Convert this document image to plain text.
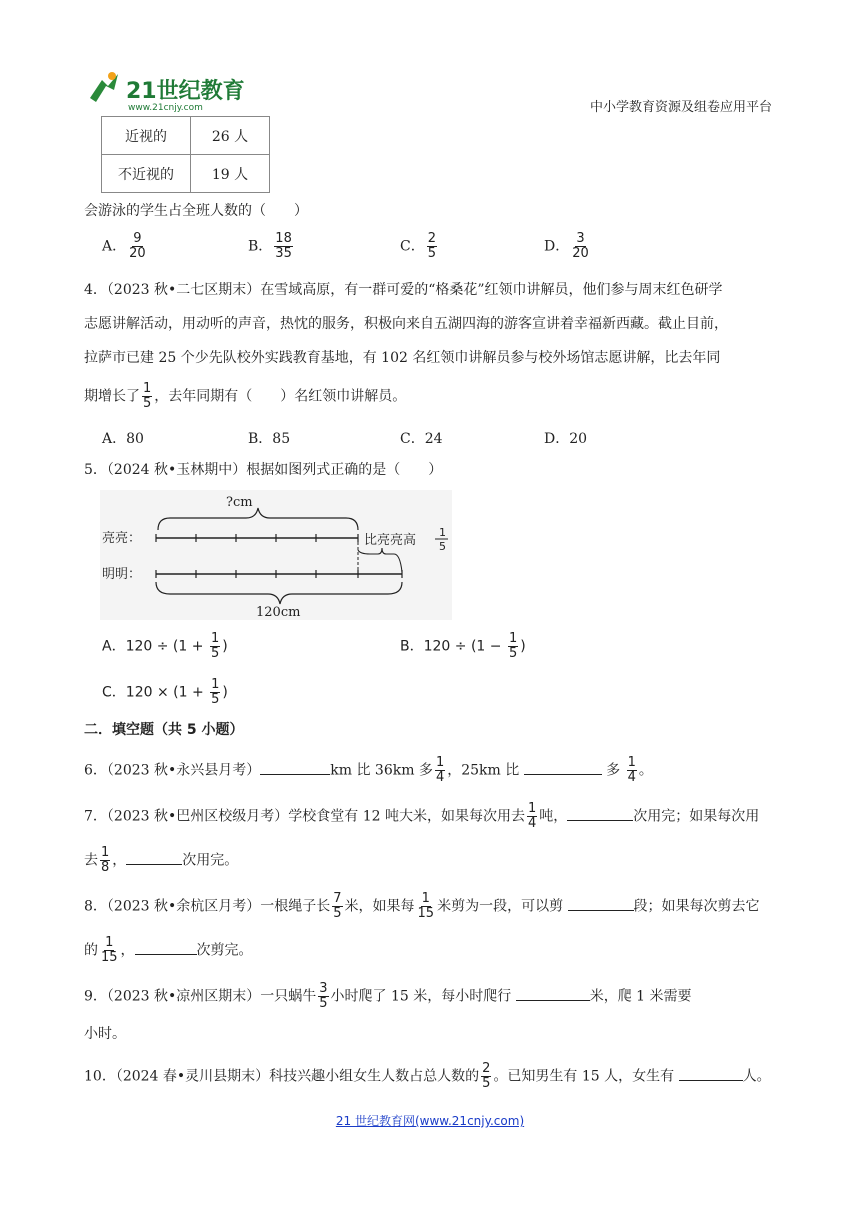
21世纪教育
www.21cnjy.com	中小学教育资源及组卷应用平台
近视的	26 人
不近视的	19 人
会游泳的学生占全班人数的（　　）
A． $\frac{9}{20}$	B． $\frac{18}{35}$	C． $\frac{2}{5}$	D． $\frac{3}{20}$
4．（2023 秋•二七区期末）在雪域高原，有一群可爱的“格桑花”红领巾讲解员，他们参与周末红色研学
志愿讲解活动，用动听的声音，热忱的服务，积极向来自五湖四海的游客宣讲着幸福新西藏。截止目前，
拉萨市已建 25 个少先队校外实践教育基地，有 102 名红领巾讲解员参与校外场馆志愿讲解，比去年同
期增长了 $\frac{1}{5}$ ，去年同期有（　　）名红领巾讲解员。
A．80	B．85	C．24	D．20
5．（2024 秋•玉林期中）根据如图列式正确的是（　　）
?cm
亮亮：	比亮亮高
1
5
明明：
120cm
A．$120 \div (1 + \frac{1}{5}$ )	B．$120 \div (1 - \frac{1}{5}$ )
C．$120 \times (1 + \frac{1}{5}$ )
二．填空题（共 5 小题）
6．（2023 秋•永兴县月考）	km 比 36km 多 $\frac{1}{4}$ ，25km 比	多 $\frac{1}{4}$ 。
7．（2023 秋•巴州区校级月考）学校食堂有 12 吨大米，如果每次用去 $\frac{1}{4}$ 吨，	次用完；如果每次用
去 $\frac{1}{8}$ ，	次用完。
8．（2023 秋•余杭区月考）一根绳子长 $\frac{7}{5}$ 米，如果每 $\frac{1}{15}$ 米剪为一段，可以剪	段；如果每次剪去它
的 $\frac{1}{15}$ ，	次剪完。
9．（2023 秋•凉州区期末）一只蜗牛 $\frac{3}{5}$ 小时爬了 15 米，每小时爬行	米，爬 1 米需要
小时。
10．（2024 春•灵川县期末）科技兴趣小组女生人数占总人数的 $\frac{2}{5}$ 。已知男生有 15 人，女生有	人。
21 世纪教育网(www.21cnjy.com)
